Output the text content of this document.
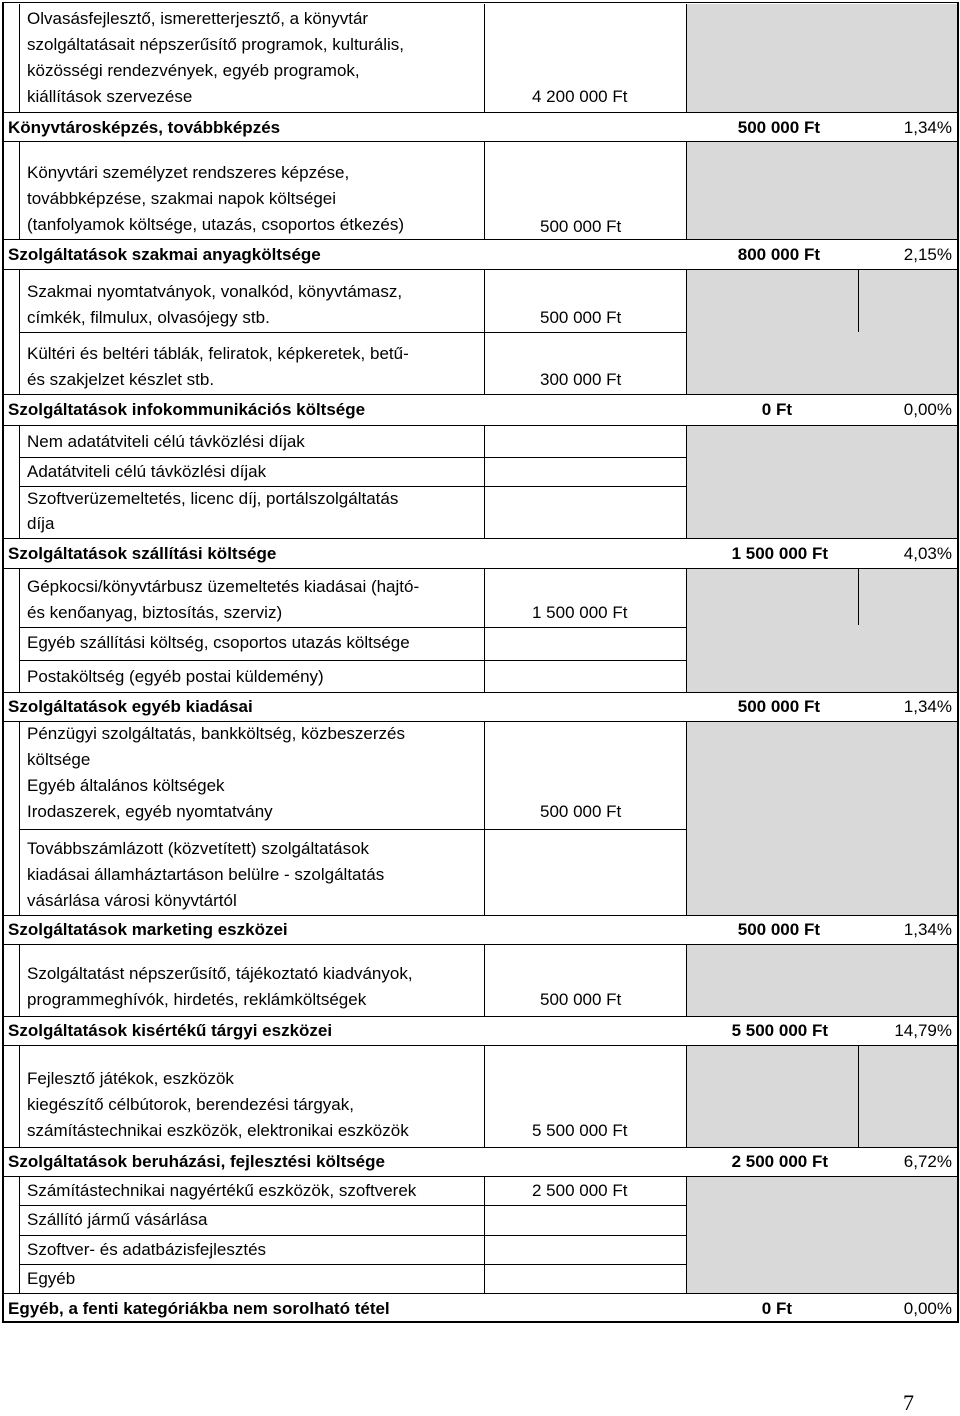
Olvasásfejlesztő, ismeretterjesztő, a könyvtár
szolgáltatásait népszerűsítő programok, kulturális,
közösségi rendezvények, egyéb programok,
kiállítások szervezése	4 200 000 Ft
Könyvtárosképzés, továbbképzés	500 000 Ft	1,34%
Könyvtári személyzet rendszeres képzése,
továbbképzése, szakmai napok költségei
(tanfolyamok költsége, utazás, csoportos étkezés)	500 000 Ft
Szolgáltatások szakmai anyagköltsége	800 000 Ft	2,15%
Szakmai nyomtatványok, vonalkód, könyvtámasz,
címkék, filmulux, olvasójegy stb.	500 000 Ft
Kültéri és beltéri táblák, feliratok, képkeretek, betű-
és szakjelzet készlet stb.	300 000 Ft
Szolgáltatások infokommunikációs költsége	0 Ft	0,00%
Nem adatátviteli célú távközlési díjak
Adatátviteli célú távközlési díjak
Szoftverüzemeltetés, licenc díj, portálszolgáltatás
díja
Szolgáltatások szállítási költsége	1 500 000 Ft	4,03%
Gépkocsi/könyvtárbusz üzemeltetés kiadásai (hajtó-
és kenőanyag, biztosítás, szerviz)	1 500 000 Ft
Egyéb szállítási költség, csoportos utazás költsége
Postaköltség (egyéb postai küldemény)
Szolgáltatások egyéb kiadásai	500 000 Ft	1,34%
Pénzügyi szolgáltatás, bankköltség, közbeszerzés
költsége
Egyéb általános költségek
Irodaszerek, egyéb nyomtatvány	500 000 Ft
Továbbszámlázott (közvetített) szolgáltatások
kiadásai államháztartáson belülre - szolgáltatás
vásárlása városi könyvtártól
Szolgáltatások marketing eszközei	500 000 Ft	1,34%
Szolgáltatást népszerűsítő, tájékoztató kiadványok,
programmeghívók, hirdetés, reklámköltségek	500 000 Ft
Szolgáltatások kisértékű tárgyi eszközei	5 500 000 Ft	14,79%
Fejlesztő játékok, eszközök
kiegészítő célbútorok, berendezési tárgyak,
számítástechnikai eszközök, elektronikai eszközök	5 500 000 Ft
Szolgáltatások beruházási, fejlesztési költsége	2 500 000 Ft	6,72%
Számítástechnikai nagyértékű eszközök, szoftverek	2 500 000 Ft
Szállító jármű vásárlása
Szoftver- és adatbázisfejlesztés
Egyéb
Egyéb, a fenti kategóriákba nem sorolható tétel	0 Ft	0,00%
7
